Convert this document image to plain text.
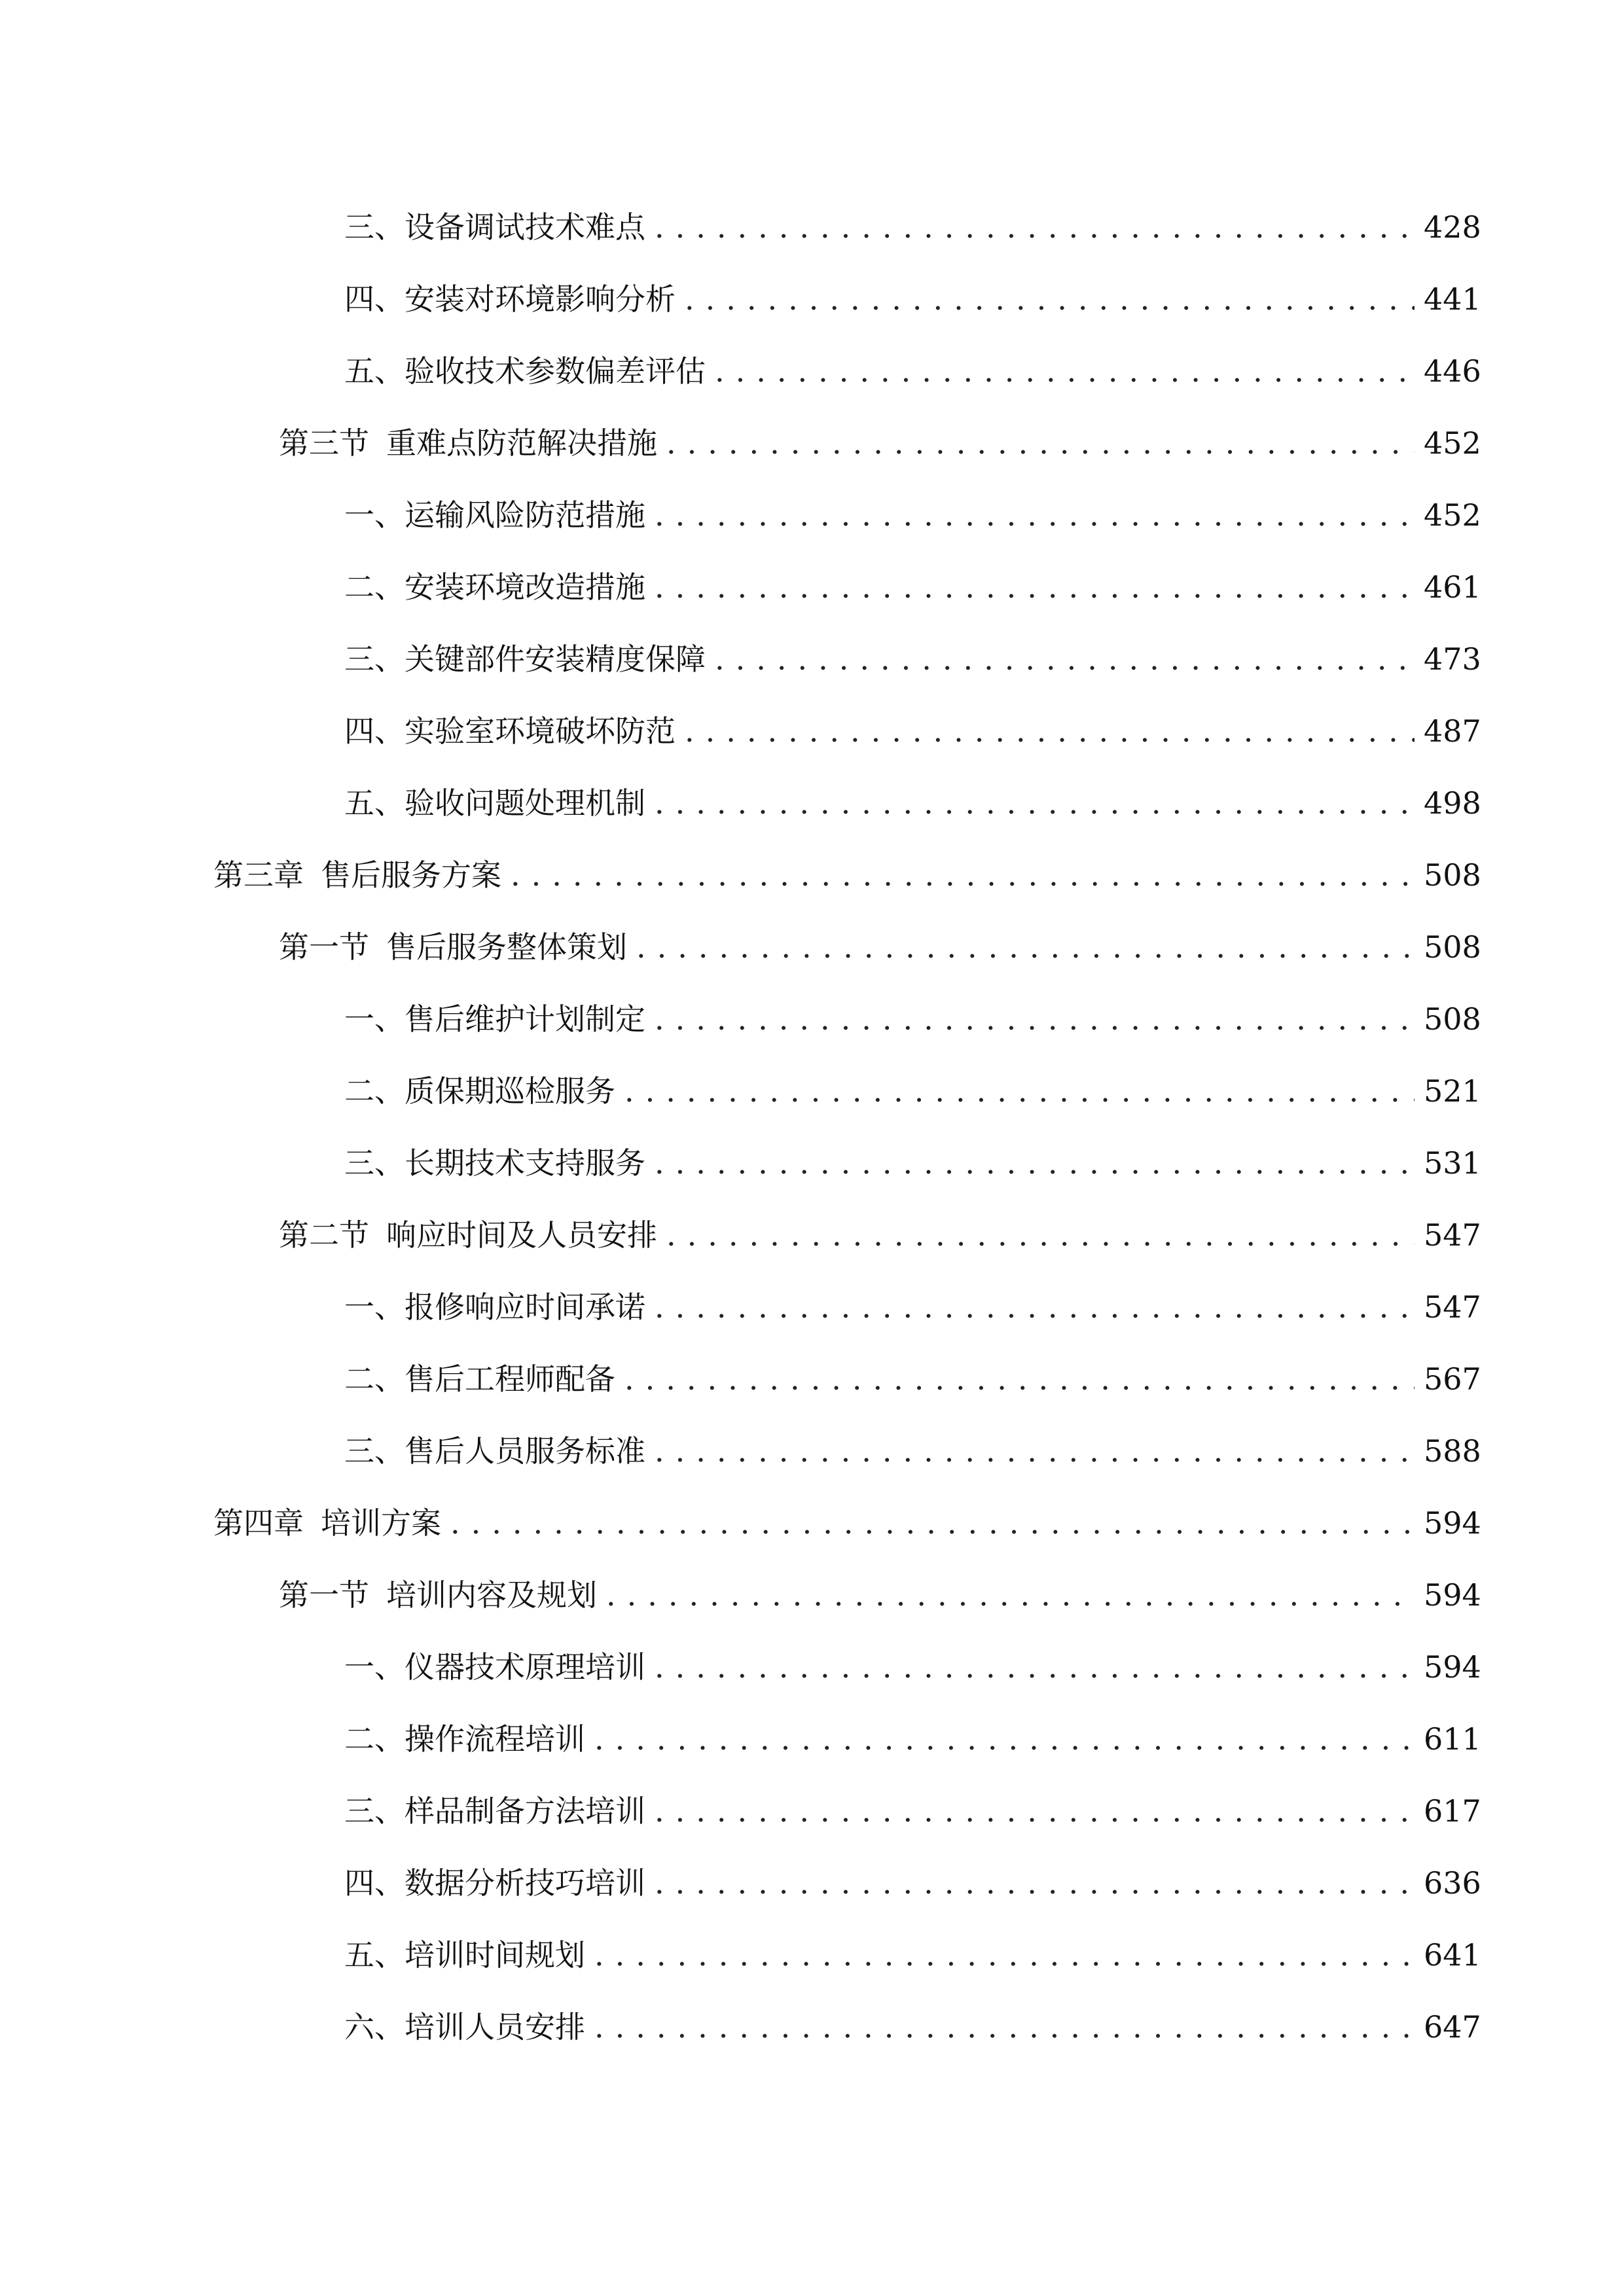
三、 设备调试技术难点 .....	428
四、 安装对环境影响分析 .....	441
五、 验收技术参数偏差评估 .....	446
第三节 重难点防范解决措施 .....	452
一、 运输风险防范措施 .....	452
二、 安装环境改造措施 .....	461
三、 关键部件安装精度保障 .....	473
四、 实验室环境破坏防范 .....	487
五、 验收问题处理机制 .....	498
第三章 售后服务方案 .....	508
第一节 售后服务整体策划 .....	508
一、 售后维护计划制定 .....	508
二、 质保期巡检服务 .....	521
三、 长期技术支持服务 .....	531
第二节 响应时间及人员安排 .....	547
一、 报修响应时间承诺 .....	547
二、 售后工程师配备 .....	567
三、 售后人员服务标准 .....	588
第四章 培训方案 .....	594
第一节 培训内容及规划 .....	594
一、 仪器技术原理培训 .....	594
二、 操作流程培训 .....	611
三、 样品制备方法培训 .....	617
四、 数据分析技巧培训 .....	636
五、 培训时间规划 .....	641
六、 培训人员安排 .....	647
